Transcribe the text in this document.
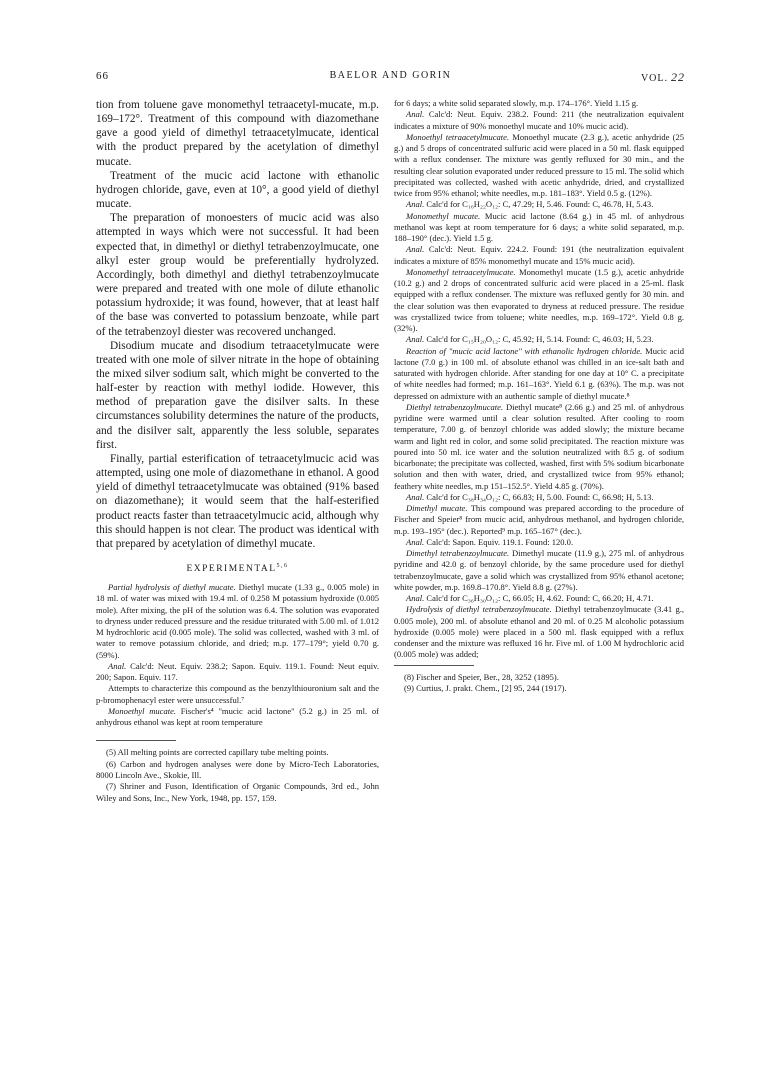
66	BAELOR AND GORIN	VOL. 22

tion from toluene gave monomethyl tetraacetyl-mucate, m.p. 169–172°. Treatment of this compound with diazomethane gave a good yield of dimethyl tetraacetylmucate, identical with the product prepared by the acetylation of dimethyl mucate.

Treatment of the mucic acid lactone with ethanolic hydrogen chloride, gave, even at 10°, a good yield of diethyl mucate.

The preparation of monoesters of mucic acid was also attempted in ways which were not successful. It had been expected that, in dimethyl or diethyl tetrabenzoylmucate, one alkyl ester group would be preferentially hydrolyzed. Accordingly, both dimethyl and diethyl tetrabenzoylmucate were prepared and treated with one mole of dilute ethanolic potassium hydroxide; it was found, however, that at least half of the base was converted to potassium benzoate, while part of the tetrabenzoyl diester was recovered unchanged.

Disodium mucate and disodium tetraacetylmucate were treated with one mole of silver nitrate in the hope of obtaining the mixed silver sodium salt, which might be converted to the half-ester by reaction with methyl iodide. However, this method of preparation gave the disilver salts. In these circumstances solubility determines the nature of the products, and the disilver salt, apparently the less soluble, separates first.

Finally, partial esterification of tetraacetylmucic acid was attempted, using one mole of diazomethane in ethanol. A good yield of dimethyl tetraacetylmucate was obtained (91% based on diazomethane); it would seem that the half-esterified product reacts faster than tetraacetylmucic acid, although why this should happen is not clear. The product was identical with that prepared by acetylation of dimethyl mucate.

EXPERIMENTAL$^{5,6}$

Partial hydrolysis of diethyl mucate. Diethyl mucate (1.33 g., 0.005 mole) in 18 ml. of water was mixed with 19.4 ml. of 0.258 M potassium hydroxide (0.005 mole). After mixing, the pH of the solution was 6.4. The solution was evaporated to dryness under reduced pressure and the residue triturated with 5.00 ml. of 1.012 M hydrochloric acid (0.005 mole). The solid was collected, washed with 3 ml. of water to remove potassium chloride, and dried; m.p. 177–179°; yield 0.70 g. (59%).

Anal. Calc'd: Neut. Equiv. 238.2; Sapon. Equiv. 119.1. Found: Neut equiv. 200; Sapon. Equiv. 117.

Attempts to characterize this compound as the benzylthiouronium salt and the p-bromophenacyl ester were unsuccessful.⁷

Monoethyl mucate. Fischer's⁴ "mucic acid lactone" (5.2 g.) in 25 ml. of anhydrous ethanol was kept at room temperature

(5) All melting points are corrected capillary tube melting points.

(6) Carbon and hydrogen analyses were done by Micro-Tech Laboratories, 8000 Lincoln Ave., Skokie, Ill.

(7) Shriner and Fuson, Identification of Organic Compounds, 3rd ed., John Wiley and Sons, Inc., New York, 1948, pp. 157, 159.

for 6 days; a white solid separated slowly, m.p. 174–176°. Yield 1.15 g.

Anal. Calc'd: Neut. Equiv. 238.2. Found: 211 (the neutralization equivalent indicates a mixture of 90% monoethyl mucate and 10% mucic acid).

Monoethyl tetraacetylmucate. Monoethyl mucate (2.3 g.), acetic anhydride (25 g.) and 5 drops of concentrated sulfuric acid were placed in a 50 ml. flask equipped with a reflux condenser. The mixture was gently refluxed for 30 min., and the resulting clear solution evaporated under reduced pressure to 15 ml. The solid which precipitated was collected, washed with acetic anhydride, dried, and crystallized twice from 95% ethanol; white needles, m.p. 181–183°. Yield 0.5 g. (12%).

Anal. Calc'd for C₁₆H₂₂O₁₂: C, 47.29; H, 5.46. Found: C, 46.78, H, 5.43.

Monomethyl mucate. Mucic acid lactone (8.64 g.) in 45 ml. of anhydrous methanol was kept at room temperature for 6 days; a white solid separated, m.p. 188–190° (dec.). Yield 1.5 g.

Anal. Calc'd: Neut. Equiv. 224.2. Found: 191 (the neutralization equivalent indicates a mixture of 85% monomethyl mucate and 15% mucic acid).

Monomethyl tetraacetylmucate. Monomethyl mucate (1.5 g.), acetic anhydride (10.2 g.) and 2 drops of concentrated sulfuric acid were placed in a 25-ml. flask equipped with a reflux condenser. The mixture was refluxed gently for 30 min. and the clear solution was then evaporated to dryness at reduced pressure. The residue was crystallized twice from toluene; white needles, m.p. 169–172°. Yield 0.8 g. (32%).

Anal. Calc'd for C₁₅H₂₀O₁₂: C, 45.92; H, 5.14. Found: C, 46.03; H, 5.23.

Reaction of "mucic acid lactone" with ethanolic hydrogen chloride. Mucic acid lactone (7.0 g.) in 100 ml. of absolute ethanol was chilled in an ice-salt bath and saturated with hydrogen chloride. After standing for one day at 10° C. a precipitate of white needles had formed; m.p. 161–163°. Yield 6.1 g. (63%). The m.p. was not depressed on admixture with an authentic sample of diethyl mucate.⁸

Diethyl tetrabenzoylmucate. Diethyl mucate⁸ (2.66 g.) and 25 ml. of anhydrous pyridine were warmed until a clear solution resulted. After cooling to room temperature, 7.00 g. of benzoyl chloride was added slowly; the mixture became warm and light red in color, and some solid precipitated. The reaction mixture was poured into 50 ml. ice water and the solution neutralized with 8.5 g. of sodium bicarbonate; the precipitate was collected, washed, first with 5% sodium bicarbonate solution and then with water, dried, and crystallized twice from 95% ethanol; feathery white needles, m.p 151–152.5°. Yield 4.85 g. (70%).

Anal. Calc'd for C₃₈H₃₄O₁₂: C, 66.83; H, 5.00. Found: C, 66.98; H, 5.13.

Dimethyl mucate. This compound was prepared according to the procedure of Fischer and Speier⁸ from mucic acid, anhydrous methanol, and hydrogen chloride, m.p. 193–195° (dec.). Reported⁹ m.p. 165–167° (dec.).

Anal. Calc'd: Sapon. Equiv. 119.1. Found: 120.0.

Dimethyl tetrabenzoylmucate. Dimethyl mucate (11.9 g.), 275 ml. of anhydrous pyridine and 42.0 g. of benzoyl chloride, by the same procedure used for diethyl tetrabenzoylmucate, gave a solid which was crystallized from 95% ethanol acetone; white powder, m.p. 169.8–170.8°. Yield 8.8 g. (27%).

Anal. Calc'd for C₃₆H₃₀O₁₂: C, 66.05; H, 4.62. Found: C, 66.20; H, 4.71.

Hydrolysis of diethyl tetrabenzoylmucate. Diethyl tetrabenzoylmucate (3.41 g., 0.005 mole), 200 ml. of absolute ethanol and 20 ml. of 0.25 M alcoholic potassium hydroxide (0.005 mole) were placed in a 500 ml. flask equipped with a reflux condenser and the mixture was refluxed 16 hr. Five ml. of 1.00 M hydrochloric acid (0.005 mole) was added;

(8) Fischer and Speier, Ber., 28, 3252 (1895).

(9) Curtius, J. prakt. Chem., [2] 95, 244 (1917).
